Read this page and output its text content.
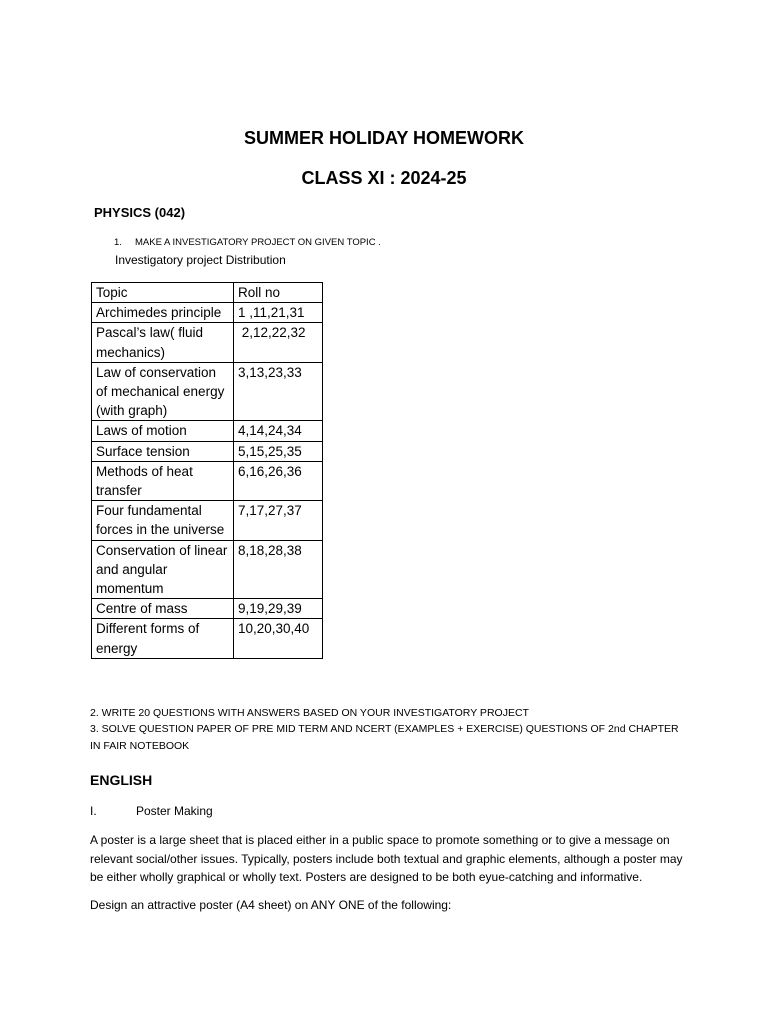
SUMMER HOLIDAY HOMEWORK
CLASS XI : 2024-25
PHYSICS (042)
1. MAKE A INVESTIGATORY PROJECT ON GIVEN TOPIC .
Investigatory project Distribution
Topic	Roll no
Archimedes principle	1 ,11,21,31
Pascal’s law( fluid mechanics)	2,12,22,32
Law of conservation of mechanical energy (with graph)	3,13,23,33
Laws of motion	4,14,24,34
Surface tension	5,15,25,35
Methods of heat transfer	6,16,26,36
Four fundamental forces in the universe	7,17,27,37
Conservation of linear and angular momentum	8,18,28,38
Centre of mass	9,19,29,39
Different forms of energy	10,20,30,40
2. WRITE 20 QUESTIONS WITH ANSWERS BASED ON YOUR INVESTIGATORY PROJECT
3. SOLVE QUESTION PAPER OF PRE MID TERM AND NCERT (EXAMPLES + EXERCISE) QUESTIONS OF 2nd CHAPTER IN FAIR NOTEBOOK
ENGLISH
I.	Poster Making
A poster is a large sheet that is placed either in a public space to promote something or to give a message on relevant social/other issues. Typically, posters include both textual and graphic elements, although a poster may be either wholly graphical or wholly text. Posters are designed to be both eyue-catching and informative.
Design an attractive poster (A4 sheet) on ANY ONE of the following:
